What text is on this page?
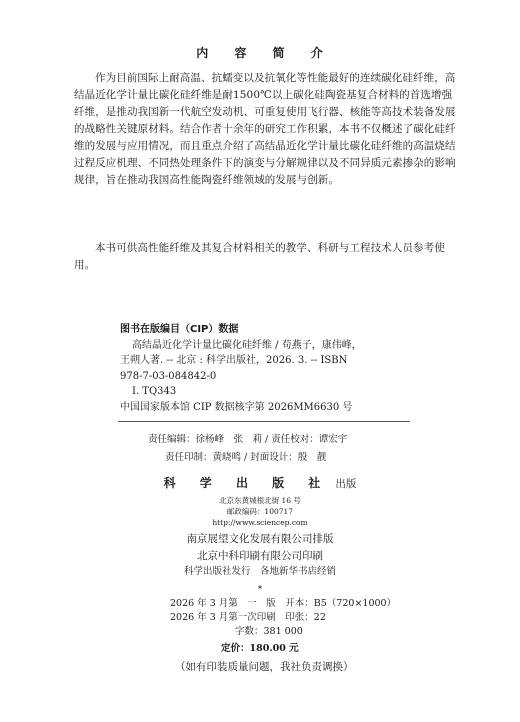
内 容 简 介

作为目前国际上耐高温、抗蠕变以及抗氧化等性能最好的连续碳化硅纤维，高结晶近化学计量比碳化硅纤维是耐1500℃以上碳化硅陶瓷基复合材料的首选增强纤维，是推动我国新一代航空发动机、可重复使用飞行器、核能等高技术装备发展的战略性关键原材料。结合作者十余年的研究工作积累，本书不仅概述了碳化硅纤维的发展与应用情况，而且重点介绍了高结晶近化学计量比碳化硅纤维的高温烧结过程反应机理、不同热处理条件下的演变与分解规律以及不同异质元素掺杂的影响规律，旨在推动我国高性能陶瓷纤维领域的发展与创新。

本书可供高性能纤维及其复合材料相关的教学、科研与工程技术人员参考使用。

图书在版编目（CIP）数据
高结晶近化学计量比碳化硅纤维 / 苟燕子，康伟峰，
王朔人著. -- 北京 : 科学出版社，2026. 3. -- ISBN
978-7-03-084842-0
Ⅰ. TQ343
中国国家版本馆 CIP 数据核字第 2026MM6630 号
责任编辑：徐杨峰　张　莉 / 责任校对：谭宏宇
责任印制：黄晓鸣 / 封面设计：殷　靓
科 学 出 版 社 出版
北京东黄城根北街 16 号
邮政编码：100717
http://www.sciencep.com
南京展望文化发展有限公司排版
北京中科印刷有限公司印刷
科学出版社发行　各地新华书店经销
*
2026 年 3 月第　一　版　开本：B5（720×1000）
2026 年 3 月第一次印刷　印张：22
字数：381 000
定价：180.00 元
（如有印装质量问题，我社负责调换）
